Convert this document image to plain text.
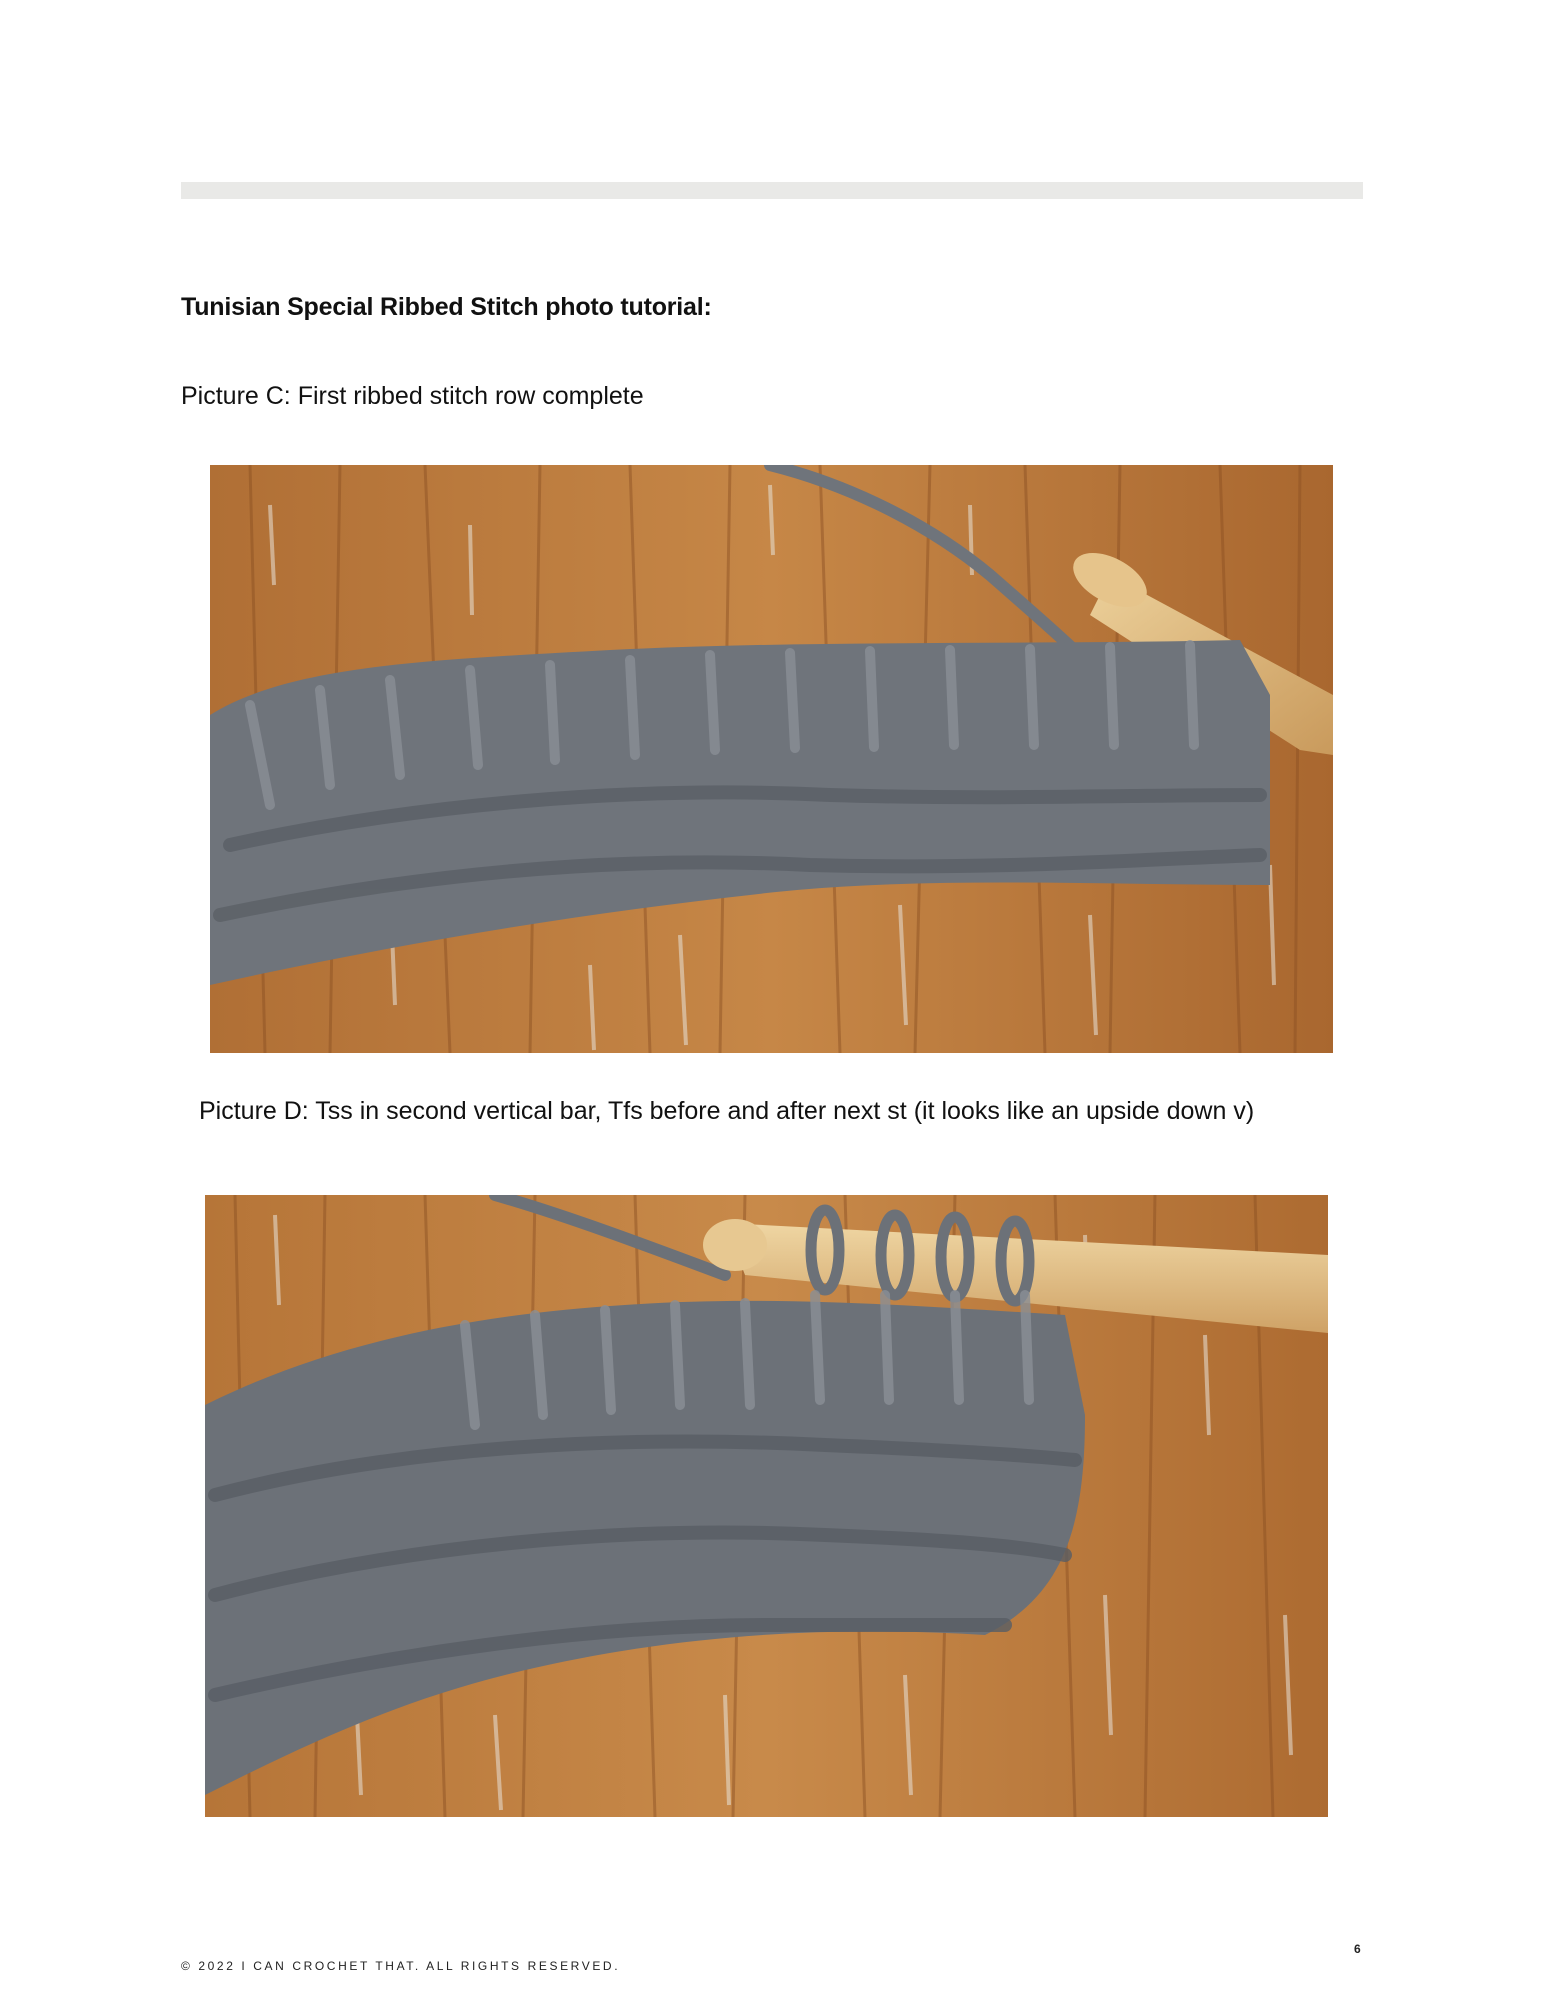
Tunisian Special Ribbed Stitch photo tutorial:
Picture C: First ribbed stitch row complete
Picture D: Tss in second vertical bar, Tfs before and after next st (it looks like an upside down v)
© 2022 I CAN CROCHET THAT. ALL RIGHTS RESERVED.
6
